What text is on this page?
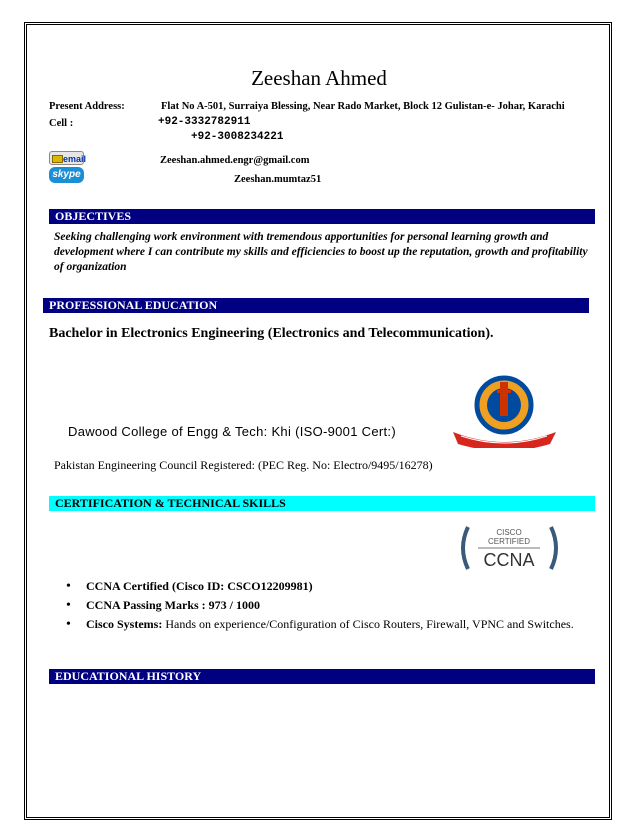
Zeeshan Ahmed
Present Address:	Flat No A-501, Surraiya Blessing, Near Rado Market, Block 12 Gulistan-e- Johar, Karachi
Cell :	+92-3332782911
+92-3008234221
email	Zeeshan.ahmed.engr@gmail.com
skype	Zeeshan.mumtaz51
OBJECTIVES
Seeking challenging work environment with tremendous apportunities for personal learning growth and development where I can contribute my skills and efficiencies to boost up the reputation, growth and profitability of organization
PROFESSIONAL EDUCATION
Bachelor in Electronics Engineering (Electronics and Telecommunication).
Dawood College of Engg & Tech: Khi (ISO-9001 Cert:)
Pakistan Engineering Council Registered: (PEC Reg. No: Electro/9495/16278)
CERTIFICATION & TECHNICAL SKILLS
CISCO
CERTIFIED
CCNA
• CCNA Certified (Cisco ID: CSCO12209981)
• CCNA Passing Marks : 973 / 1000
• Cisco Systems: Hands on experience/Configuration of Cisco Routers, Firewall, VPNC and Switches.
EDUCATIONAL HISTORY
